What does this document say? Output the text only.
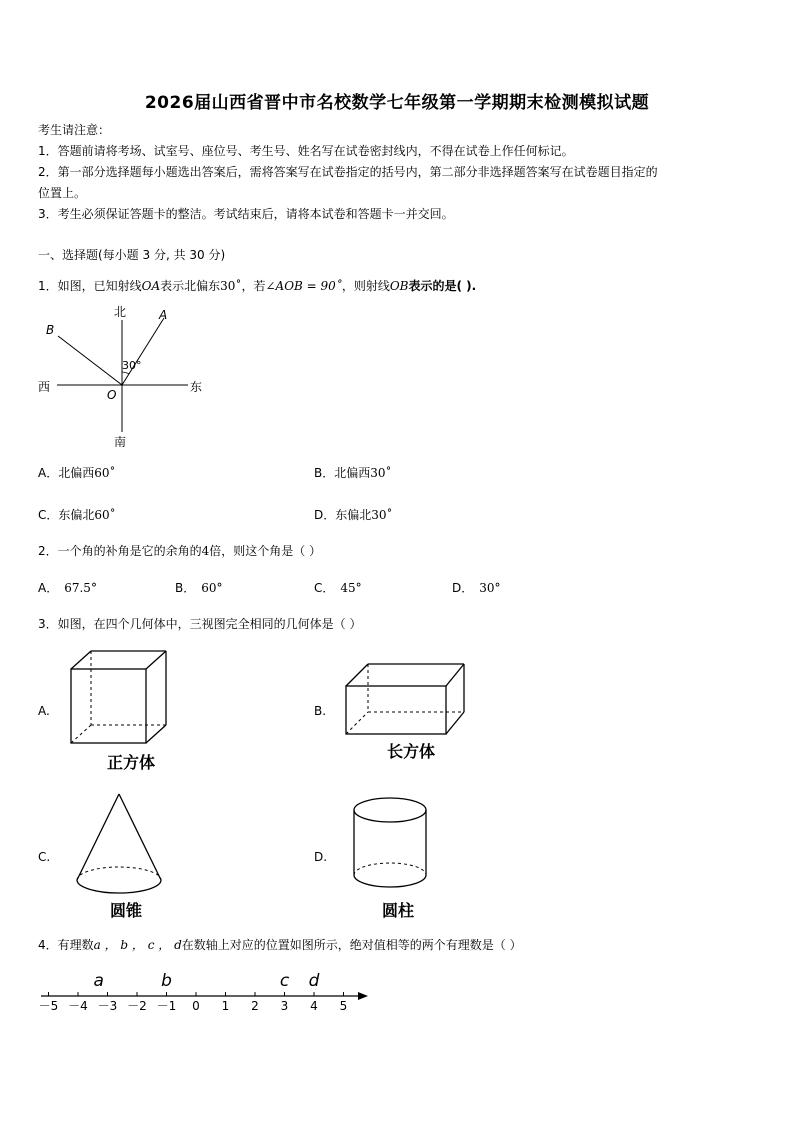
2026届山西省晋中市名校数学七年级第一学期期末检测模拟试题
考生请注意：
1．答题前请将考场、试室号、座位号、考生号、姓名写在试卷密封线内，不得在试卷上作任何标记。
2．第一部分选择题每小题选出答案后，需将答案写在试卷指定的括号内，第二部分非选择题答案写在试卷题目指定的
位置上。
3．考生必须保证答题卡的整洁。考试结束后，请将本试卷和答题卡一并交回。
一、选择题(每小题 3 分, 共 30 分)
1．如图，已知射线OA表示北偏东30˚，若∠AOB = 90˚，则射线OB表示的是( ).
北
南
西	东
A
B
O
30°
A．北偏西60˚	B．北偏西30˚
C．东偏北60˚	D．东偏北30˚
2．一个角的补角是它的余角的4倍，则这个角是（ ）
A． 67.5°	B． 60°	C． 45°	D． 30°
3．如图，在四个几何体中，三视图完全相同的几何体是（ ）
A.
正方体
B.
长方体
C.
圆锥
D.
圆柱
4．有理数a ， b ， c ， d在数轴上对应的位置如图所示，绝对值相等的两个有理数是（ ）
－5 －4 －3 －2 －1 0 1 2 3 4 5
a	b	c d
